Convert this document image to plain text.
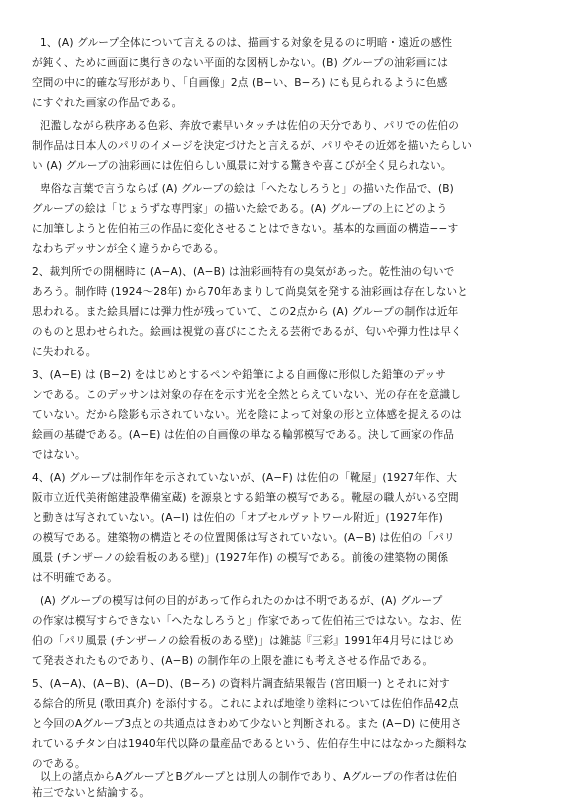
1、(A) グループ全体について言えるのは、描画する対象を見るのに明暗・遠近の感性
が鈍く、ために画面に奥行きのない平面的な図柄しかない。(B) グループの油彩画には
空間の中に的確な写形があり、「自画像」2点 (B−い、B−ろ) にも見られるように色感
にすぐれた画家の作品である。
氾濫しながら秩序ある色彩、奔放で素早いタッチは佐伯の天分であり、パリでの佐伯の
制作品は日本人のパリのイメージを決定づけたと言えるが、パリやその近郊を描いたらしい
い (A) グループの油彩画には佐伯らしい風景に対する驚きや喜こびが全く見られない。
卑俗な言葉で言うならば (A) グループの絵は「へたなしろうと」の描いた作品で、(B)
グループの絵は「じょうずな専門家」の描いた絵である。(A) グループの上にどのよう
に加筆しようと佐伯祐三の作品に変化させることはできない。基本的な画面の構造−−す
なわちデッサンが全く違うからである。
2、裁判所での開梱時に (A−A)、(A−B) は油彩画特有の臭気があった。乾性油の匂いで
あろう。制作時 (1924〜28年) から70年あまりして尚臭気を発する油彩画は存在しないと
思われる。また絵具層には弾力性が残っていて、この2点から (A) グループの制作は近年
のものと思わせられた。絵画は視覚の喜びにこたえる芸術であるが、匂いや弾力性は早く
に失われる。
3、(A−E) は (B−2) をはじめとするペンや鉛筆による自画像に形似した鉛筆のデッサ
ンである。このデッサンは対象の存在を示す光を全然とらえていない、光の存在を意識し
ていない。だから陰影も示されていない。光を陰によって対象の形と立体感を捉えるのは
絵画の基礎である。(A−E) は佐伯の自画像の単なる輪郭模写である。決して画家の作品
ではない。
4、(A) グループは制作年を示されていないが、(A−F) は佐伯の「靴屋」(1927年作、大
阪市立近代美術館建設準備室蔵) を源泉とする鉛筆の模写である。靴屋の職人がいる空間
と動きは写されていない。(A−I) は佐伯の「オプセルヴァトワール附近」(1927年作)
の模写である。建築物の構造とその位置関係は写されていない。(A−B) は佐伯の「パリ
風景 (チンザーノの絵看板のある壁)」(1927年作) の模写である。前後の建築物の関係
は不明確である。
(A) グループの模写は何の目的があって作られたのかは不明であるが、(A) グループ
の作家は模写すらできない「へたなしろうと」作家であって佐伯祐三ではない。なお、佐
伯の「パリ風景 (チンザーノの絵看板のある壁)」は雑誌『三彩』1991年4月号にはじめ
て発表されたものであり、(A−B) の制作年の上限を誰にも考えさせる作品である。
5、(A−A)、(A−B)、(A−D)、(B−ろ) の資料片調査結果報告 (宮田順一) とそれに対す
る綜合的所見 (歌田真介) を添付する。これによれば地塗り塗料については佐伯作品42点
と今回のAグループ3点との共通点はきわめて少ないと判断される。また (A−D) に使用さ
れているチタン白は1940年代以降の量産品であるという、佐伯存生中にはなかった顔料な
のである。
以上の諸点からAグループとBグループとは別人の制作であり、Aグループの作者は佐伯
祐三でないと結論する。
